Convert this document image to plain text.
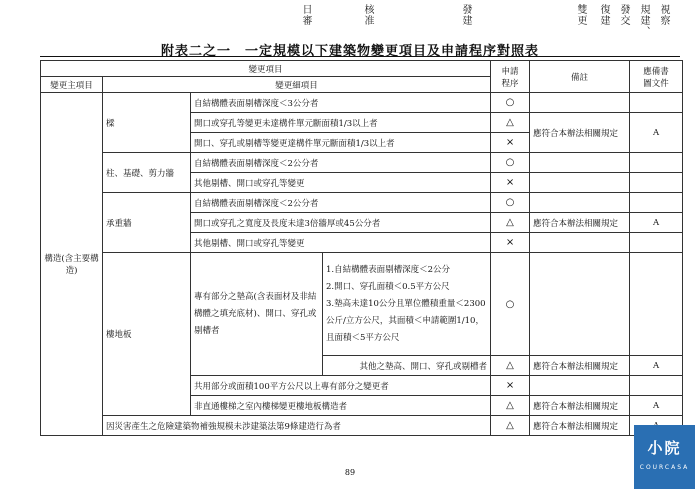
視察
規建、
發交
復建
雙更
發建
核准
日審
附表二之一　一定規模以下建築物變更項目及申請程序對照表
變更項目				申請
程序	備註	應備書
圖文件
變更主項目	變更細項目					
構造(含主要構造)	樑	自結構體表面剔槽深度＜3公分者		○		
		開口或穿孔等變更未達構件單元斷面積1/3以上者		△	應符合本辦法相關規定	A
		開口、穿孔或剔槽等變更達構件單元斷面積1/3以上者		×		
	柱、基礎、剪力牆	自結構體表面剔槽深度＜2公分者		○		
		其他剔槽、開口或穿孔等變更		×		
	承重牆	自結構體表面剔槽深度＜2公分者		○		
		開口或穿孔之寬度及長度未達3倍牆厚或45公分者		△	應符合本辦法相關規定	A
		其他剔槽、開口或穿孔等變更		×		
	樓地板	專有部分之墊高(含表面材及非結構體之填充底材)、開口、穿孔或剔槽者	1.自結構體表面剔槽深度＜2公分
2.開口、穿孔面積＜0.5平方公尺
3.墊高未達10公分且單位體積重量＜2300公斤/立方公尺，其面積＜申請範圍1/10，且面積＜5平方公尺	○		
			其他之墊高、開口、穿孔或剔槽者	△	應符合本辦法相關規定	A
		共用部分或面積100平方公尺以上專有部分之變更者		×		
		非直通樓梯之室內樓梯變更樓地板構造者		△	應符合本辦法相關規定	A
	因災害產生之危險建築物補強規模未涉建築法第9條建造行為者			△	應符合本辦法相關規定	
89
小院
COURCASA
